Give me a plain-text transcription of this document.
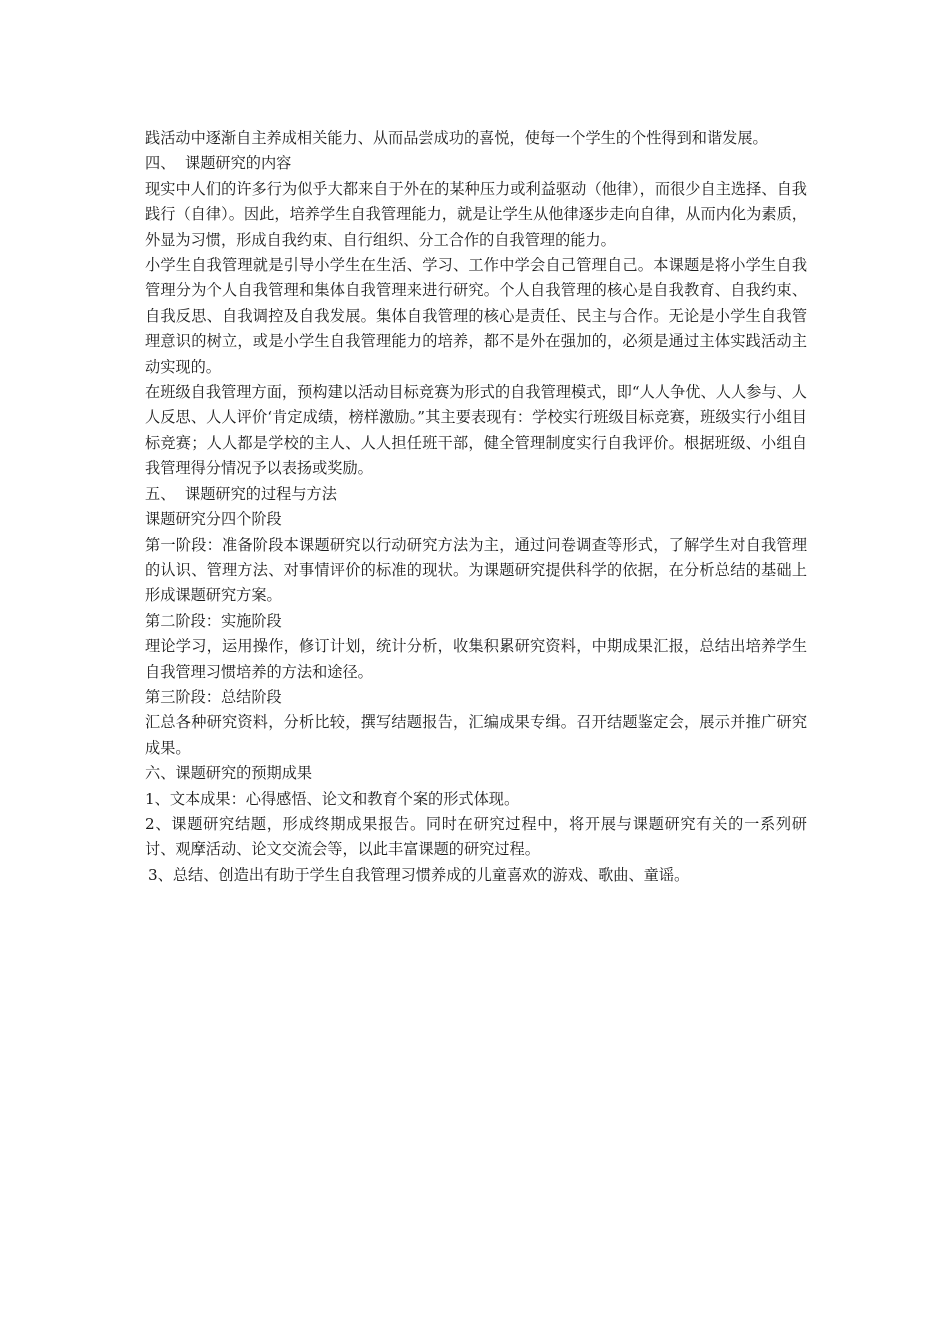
践活动中逐渐自主养成相关能力、从而品尝成功的喜悦，使每一个学生的个性得到和谐发展。

四、  课题研究的内容

现实中人们的许多行为似乎大都来自于外在的某种压力或利益驱动（他律），而很少自主选择、自我践行（自律）。因此，培养学生自我管理能力，就是让学生从他律逐步走向自律，从而内化为素质，外显为习惯，形成自我约束、自行组织、分工合作的自我管理的能力。

小学生自我管理就是引导小学生在生活、学习、工作中学会自己管理自己。本课题是将小学生自我管理分为个人自我管理和集体自我管理来进行研究。个人自我管理的核心是自我教育、自我约束、自我反思、自我调控及自我发展。集体自我管理的核心是责任、民主与合作。无论是小学生自我管理意识的树立，或是小学生自我管理能力的培养，都不是外在强加的，必须是通过主体实践活动主动实现的。

在班级自我管理方面，预构建以活动目标竞赛为形式的自我管理模式，即“人人争优、人人参与、人人反思、人人评价‘肯定成绩，榜样激励。”其主要表现有：学校实行班级目标竞赛，班级实行小组目标竞赛；人人都是学校的主人、人人担任班干部，健全管理制度实行自我评价。根据班级、小组自我管理得分情况予以表扬或奖励。

五、  课题研究的过程与方法

课题研究分四个阶段

第一阶段：准备阶段本课题研究以行动研究方法为主，通过问卷调查等形式，了解学生对自我管理的认识、管理方法、对事情评价的标准的现状。为课题研究提供科学的依据，在分析总结的基础上形成课题研究方案。

第二阶段：实施阶段

理论学习，运用操作，修订计划，统计分析，收集积累研究资料，中期成果汇报，总结出培养学生自我管理习惯培养的方法和途径。

第三阶段：总结阶段

汇总各种研究资料，分析比较，撰写结题报告，汇编成果专缉。召开结题鉴定会，展示并推广研究成果。

六、课题研究的预期成果

1、文本成果：心得感悟、论文和教育个案的形式体现。

2、课题研究结题，形成终期成果报告。同时在研究过程中，将开展与课题研究有关的一系列研讨、观摩活动、论文交流会等，以此丰富课题的研究过程。

3、总结、创造出有助于学生自我管理习惯养成的儿童喜欢的游戏、歌曲、童谣。
